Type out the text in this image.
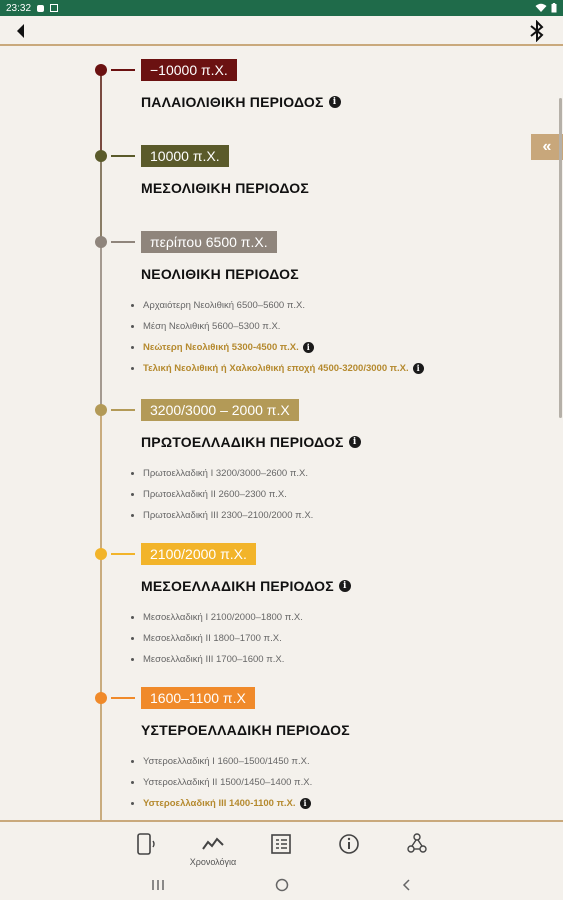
23:32
−10000 π.Χ.
ΠΑΛΑΙΟΛΙΘΙΚΗ ΠΕΡΙΟΔΟΣ	i
10000 π.Χ.
ΜΕΣΟΛΙΘΙΚΗ ΠΕΡΙΟΔΟΣ
περίπου 6500 π.Χ.
ΝΕΟΛΙΘΙΚΗ ΠΕΡΙΟΔΟΣ
Αρχαιότερη Νεολιθική 6500–5600 π.Χ.
Μέση Νεολιθική 5600–5300 π.Χ.
Νεώτερη Νεολιθική 5300-4500 π.Χ. i
Τελική Νεολιθική ή Χαλκολιθική εποχή 4500-3200/3000 π.Χ. i
3200/3000 – 2000 π.Χ
ΠΡΩΤΟΕΛΛΑΔΙΚΗ ΠΕΡΙΟΔΟΣ	i
Πρωτοελλαδική Ι 3200/3000–2600 π.Χ.
Πρωτοελλαδική ΙΙ 2600–2300 π.Χ.
Πρωτοελλαδική ΙΙΙ 2300–2100/2000 π.Χ.
2100/2000 π.Χ.
ΜΕΣΟΕΛΛΑΔΙΚΗ ΠΕΡΙΟΔΟΣ	i
Μεσοελλαδική Ι 2100/2000–1800 π.Χ.
Μεσοελλαδική ΙΙ 1800–1700 π.Χ.
Μεσοελλαδική ΙΙΙ 1700–1600 π.Χ.
1600–1100 π.Χ
ΥΣΤΕΡΟΕΛΛΑΔΙΚΗ ΠΕΡΙΟΔΟΣ
Υστεροελλαδική Ι 1600–1500/1450 π.Χ.
Υστεροελλαδική ΙΙ 1500/1450–1400 π.Χ.
Υστεροελλαδική ΙΙΙ 1400-1100 π.Χ. i
«
Χρονολόγια
